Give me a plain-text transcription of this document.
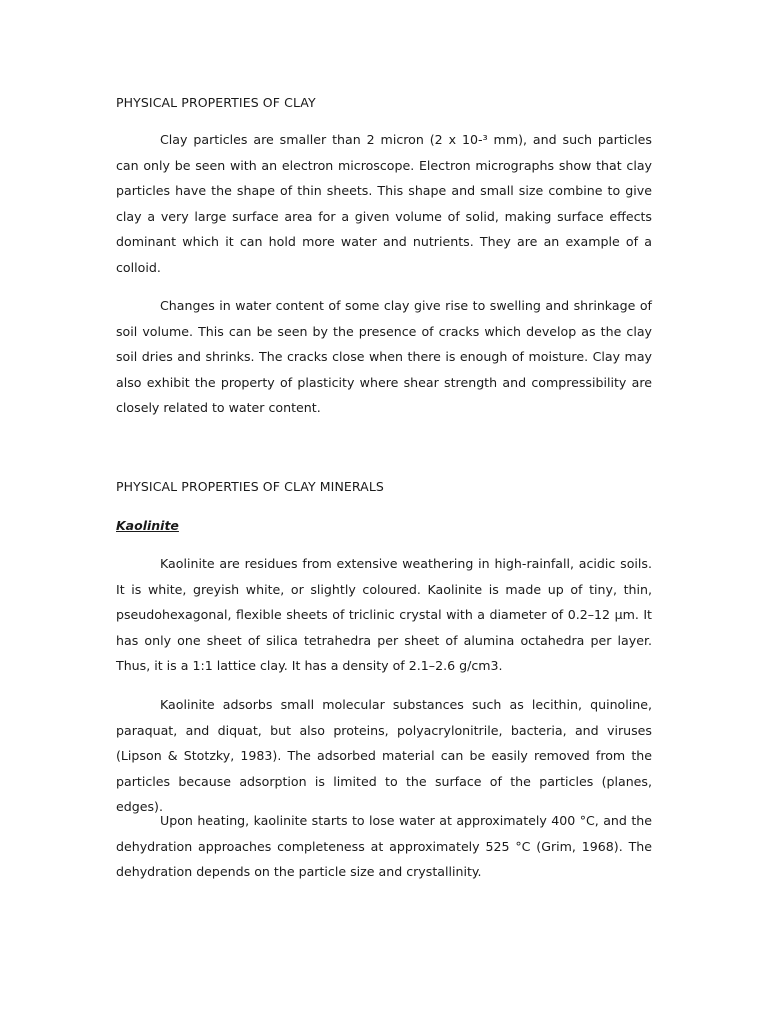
PHYSICAL PROPERTIES OF CLAY

Clay particles are smaller than 2 micron (2 x 10-³ mm), and such particles can only be seen with an electron microscope. Electron micrographs show that clay particles have the shape of thin sheets. This shape and small size combine to give clay a very large surface area for a given volume of solid, making surface effects dominant which it can hold more water and nutrients. They are an example of a colloid.

Changes in water content of some clay give rise to swelling and shrinkage of soil volume. This can be seen by the presence of cracks which develop as the clay soil dries and shrinks. The cracks close when there is enough of moisture. Clay may also exhibit the property of plasticity where shear strength and compressibility are closely related to water content.

PHYSICAL PROPERTIES OF CLAY MINERALS
Kaolinite

Kaolinite are residues from extensive weathering in high-rainfall, acidic soils. It is white, greyish white, or slightly coloured. Kaolinite is made up of tiny, thin, pseudohexagonal, flexible sheets of triclinic crystal with a diameter of 0.2–12 μm. It has only one sheet of silica tetrahedra per sheet of alumina octahedra per layer. Thus, it is a 1:1 lattice clay. It has a density of 2.1–2.6 g/cm3.

Kaolinite adsorbs small molecular substances such as lecithin, quinoline, paraquat, and diquat, but also proteins, polyacrylonitrile, bacteria, and viruses (Lipson & Stotzky, 1983). The adsorbed material can be easily removed from the particles because adsorption is limited to the surface of the particles (planes, edges).

Upon heating, kaolinite starts to lose water at approximately 400 °C, and the dehydration approaches completeness at approximately 525 °C (Grim, 1968). The dehydration depends on the particle size and crystallinity.
